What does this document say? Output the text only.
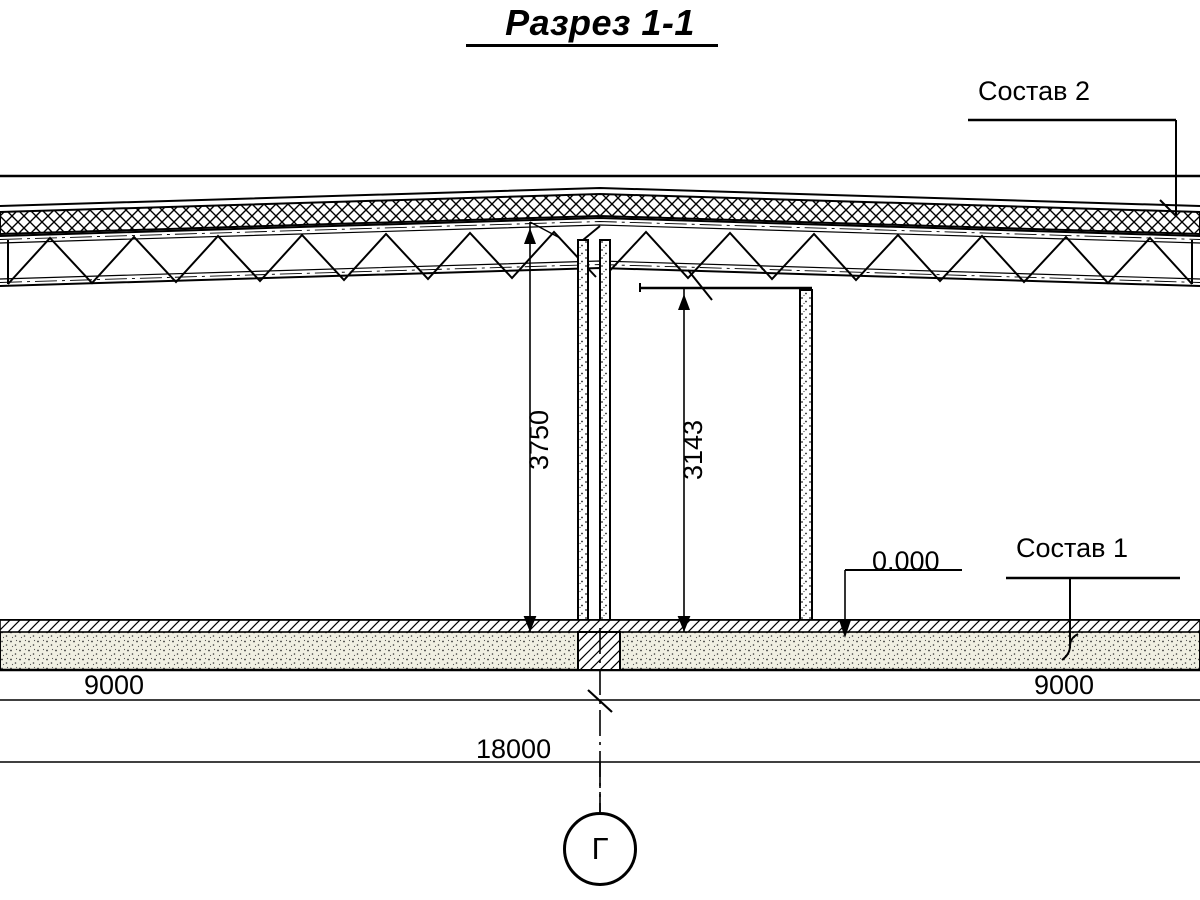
Разрез 1-1
Состав 2
Состав 1
0.000
3750	3143
9000	9000
18000
Г
